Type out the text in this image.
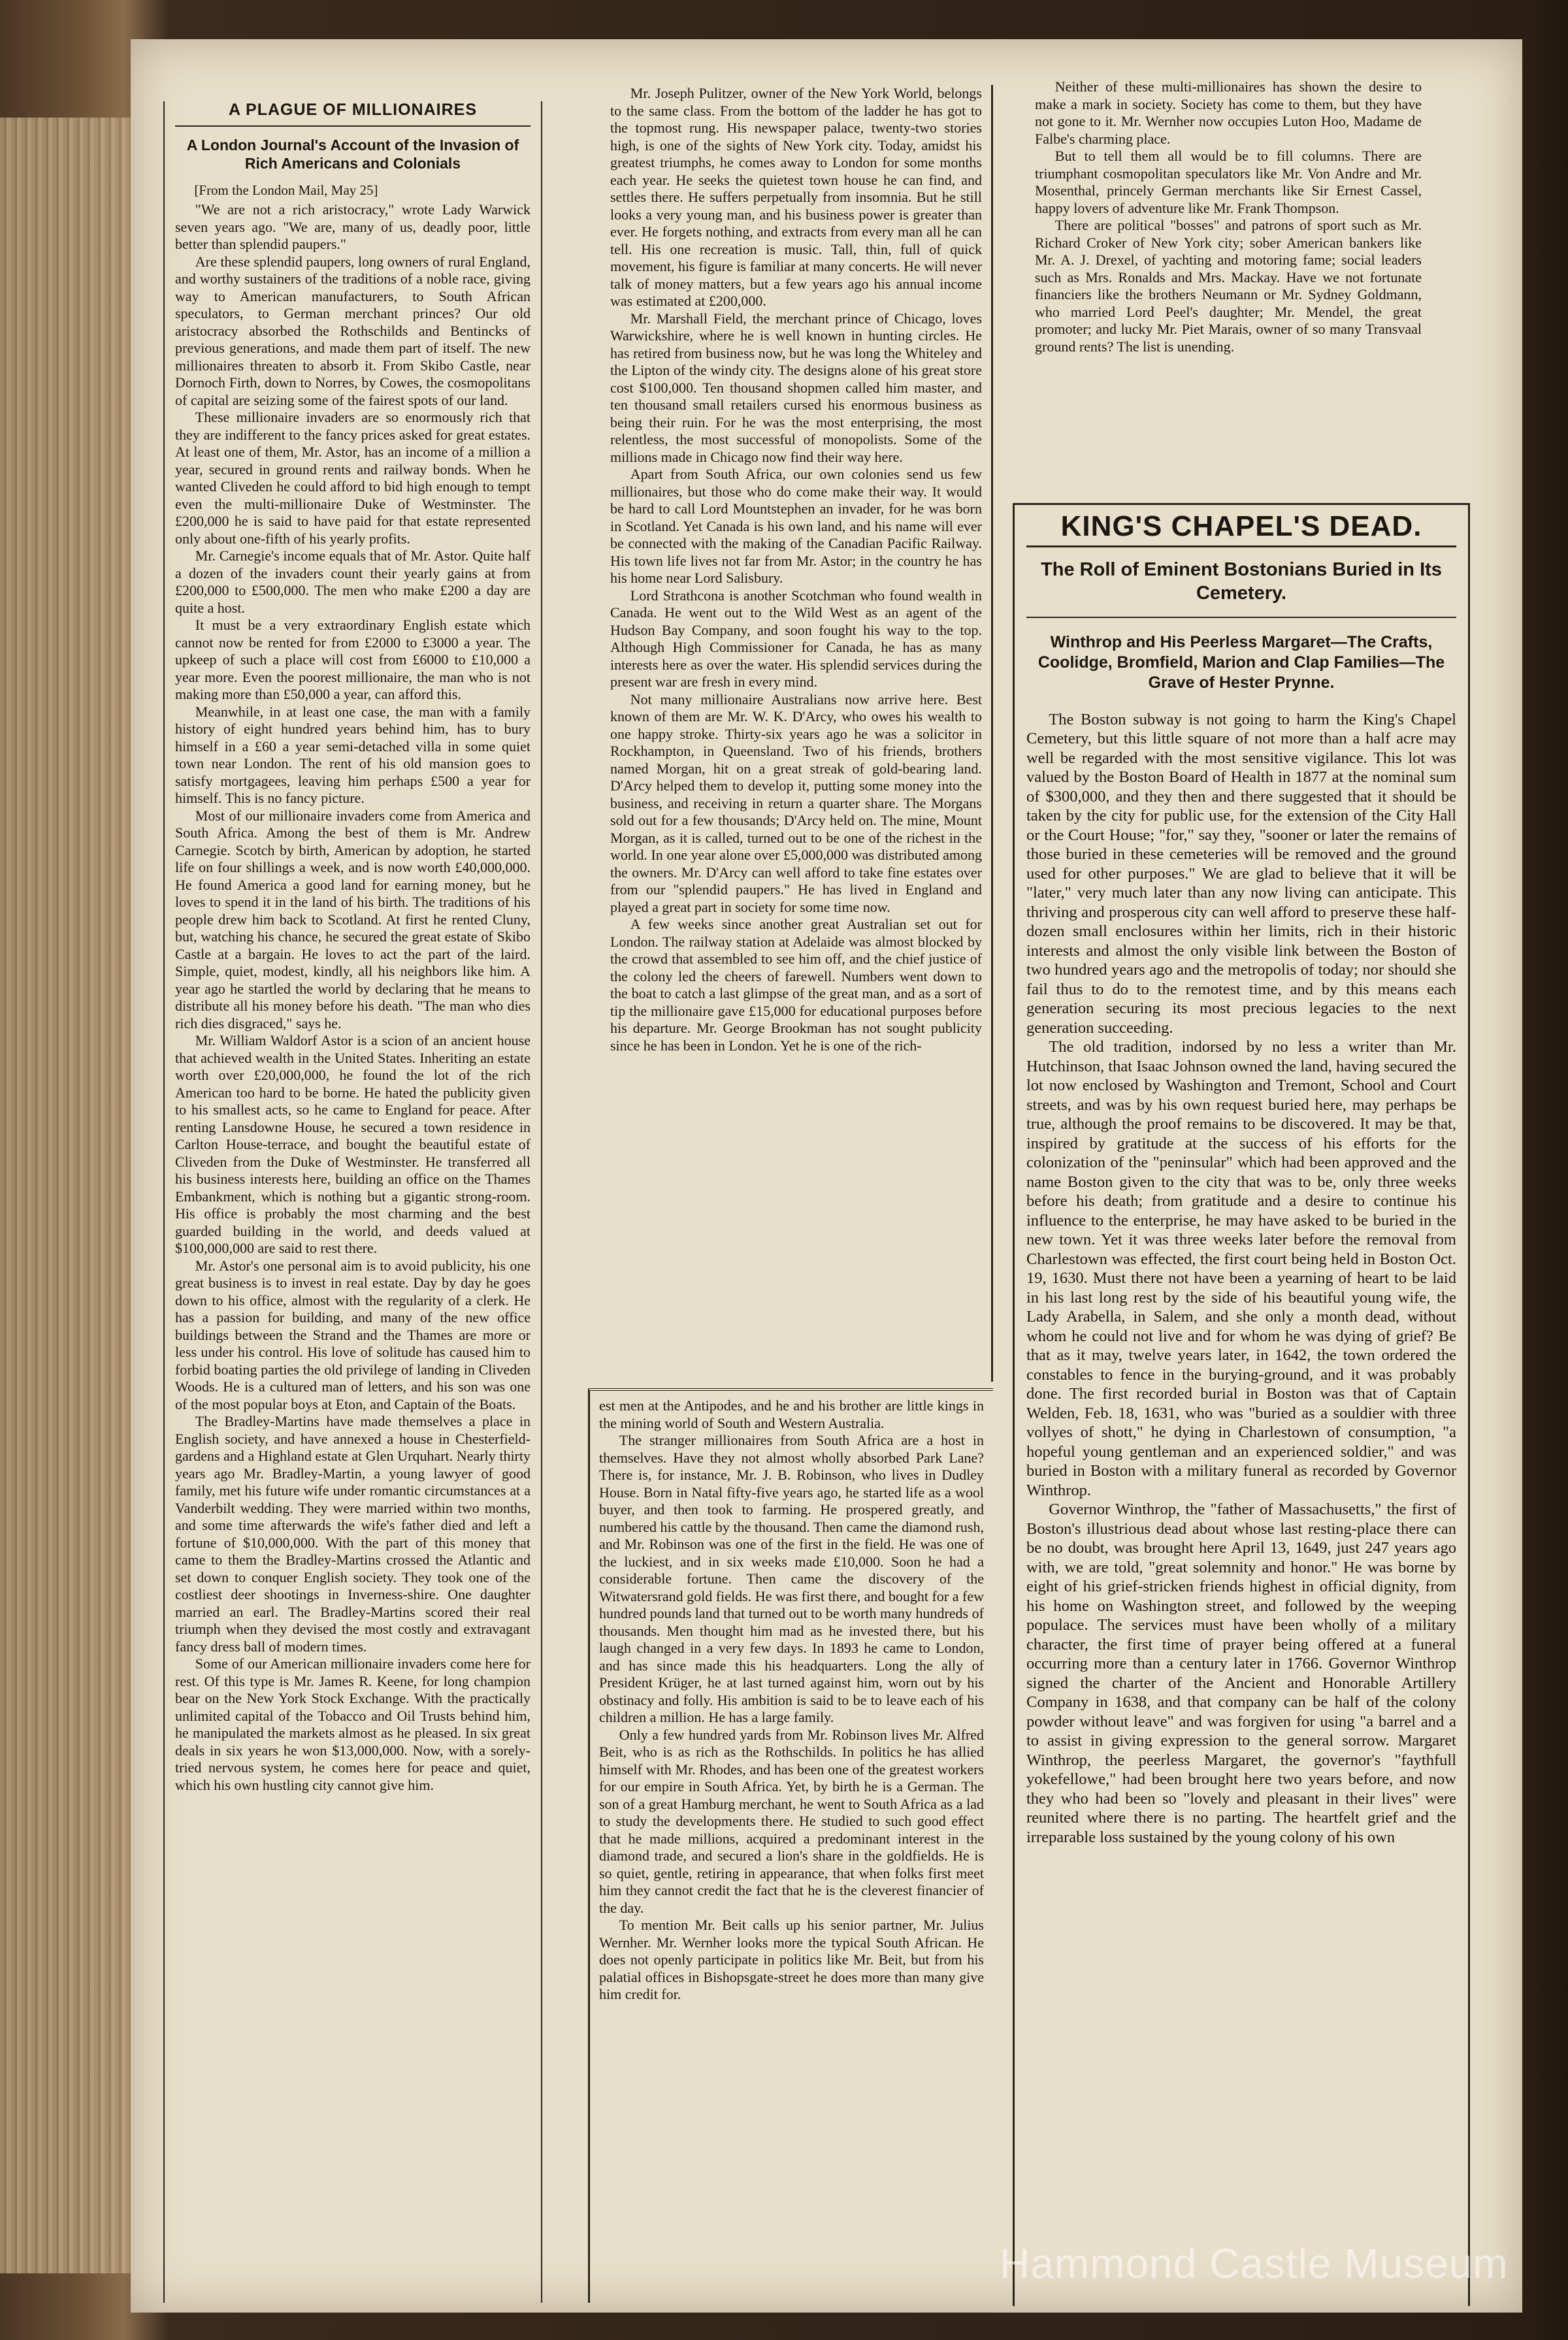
A PLAGUE OF MILLIONAIRES
A London Journal's Account of the Invasion of Rich Americans and Colonials
[From the London Mail, May 25]

"We are not a rich aristocracy," wrote Lady Warwick seven years ago. "We are, many of us, deadly poor, little better than splendid paupers."

Are these splendid paupers, long owners of rural England, and worthy sustainers of the traditions of a noble race, giving way to American manufacturers, to South African speculators, to German merchant princes? Our old aristocracy absorbed the Rothschilds and Bentincks of previous generations, and made them part of itself. The new millionaires threaten to absorb it. From Skibo Castle, near Dornoch Firth, down to Norres, by Cowes, the cosmopolitans of capital are seizing some of the fairest spots of our land.

These millionaire invaders are so enormously rich that they are indifferent to the fancy prices asked for great estates. At least one of them, Mr. Astor, has an income of a million a year, secured in ground rents and railway bonds. When he wanted Cliveden he could afford to bid high enough to tempt even the multi-millionaire Duke of Westminster. The £200,000 he is said to have paid for that estate represented only about one-fifth of his yearly profits.

Mr. Carnegie's income equals that of Mr. Astor. Quite half a dozen of the invaders count their yearly gains at from £200,000 to £500,000. The men who make £200 a day are quite a host.

It must be a very extraordinary English estate which cannot now be rented for from £2000 to £3000 a year. The upkeep of such a place will cost from £6000 to £10,000 a year more. Even the poorest millionaire, the man who is not making more than £50,000 a year, can afford this.

Meanwhile, in at least one case, the man with a family history of eight hundred years behind him, has to bury himself in a £60 a year semi-detached villa in some quiet town near London. The rent of his old mansion goes to satisfy mortgagees, leaving him perhaps £500 a year for himself. This is no fancy picture.

Most of our millionaire invaders come from America and South Africa. Among the best of them is Mr. Andrew Carnegie. Scotch by birth, American by adoption, he started life on four shillings a week, and is now worth £40,000,000. He found America a good land for earning money, but he loves to spend it in the land of his birth. The traditions of his people drew him back to Scotland. At first he rented Cluny, but, watching his chance, he secured the great estate of Skibo Castle at a bargain. He loves to act the part of the laird. Simple, quiet, modest, kindly, all his neighbors like him. A year ago he startled the world by declaring that he means to distribute all his money before his death. "The man who dies rich dies disgraced," says he.

Mr. William Waldorf Astor is a scion of an ancient house that achieved wealth in the United States. Inheriting an estate worth over £20,000,000, he found the lot of the rich American too hard to be borne. He hated the publicity given to his smallest acts, so he came to England for peace. After renting Lansdowne House, he secured a town residence in Carlton House-terrace, and bought the beautiful estate of Cliveden from the Duke of Westminster. He transferred all his business interests here, building an office on the Thames Embankment, which is nothing but a gigantic strong-room. His office is probably the most charming and the best guarded building in the world, and deeds valued at $100,000,000 are said to rest there.

Mr. Astor's one personal aim is to avoid publicity, his one great business is to invest in real estate. Day by day he goes down to his office, almost with the regularity of a clerk. He has a passion for building, and many of the new office buildings between the Strand and the Thames are more or less under his control. His love of solitude has caused him to forbid boating parties the old privilege of landing in Cliveden Woods. He is a cultured man of letters, and his son was one of the most popular boys at Eton, and Captain of the Boats.

The Bradley-Martins have made themselves a place in English society, and have annexed a house in Chesterfield-gardens and a Highland estate at Glen Urquhart. Nearly thirty years ago Mr. Bradley-Martin, a young lawyer of good family, met his future wife under romantic circumstances at a Vanderbilt wedding. They were married within two months, and some time afterwards the wife's father died and left a fortune of $10,000,000. With the part of this money that came to them the Bradley-Martins crossed the Atlantic and set down to conquer English society. They took one of the costliest deer shootings in Inverness-shire. One daughter married an earl. The Bradley-Martins scored their real triumph when they devised the most costly and extravagant fancy dress ball of modern times.

Some of our American millionaire invaders come here for rest. Of this type is Mr. James R. Keene, for long champion bear on the New York Stock Exchange. With the practically unlimited capital of the Tobacco and Oil Trusts behind him, he manipulated the markets almost as he pleased. In six great deals in six years he won $13,000,000. Now, with a sorely-tried nervous system, he comes here for peace and quiet, which his own hustling city cannot give him.

Mr. Joseph Pulitzer, owner of the New York World, belongs to the same class. From the bottom of the ladder he has got to the topmost rung. His newspaper palace, twenty-two stories high, is one of the sights of New York city. Today, amidst his greatest triumphs, he comes away to London for some months each year. He seeks the quietest town house he can find, and settles there. He suffers perpetually from insomnia. But he still looks a very young man, and his business power is greater than ever. He forgets nothing, and extracts from every man all he can tell. His one recreation is music. Tall, thin, full of quick movement, his figure is familiar at many concerts. He will never talk of money matters, but a few years ago his annual income was estimated at £200,000.

Mr. Marshall Field, the merchant prince of Chicago, loves Warwickshire, where he is well known in hunting circles. He has retired from business now, but he was long the Whiteley and the Lipton of the windy city. The designs alone of his great store cost $100,000. Ten thousand shopmen called him master, and ten thousand small retailers cursed his enormous business as being their ruin. For he was the most enterprising, the most relentless, the most successful of monopolists. Some of the millions made in Chicago now find their way here.

Apart from South Africa, our own colonies send us few millionaires, but those who do come make their way. It would be hard to call Lord Mountstephen an invader, for he was born in Scotland. Yet Canada is his own land, and his name will ever be connected with the making of the Canadian Pacific Railway. His town life lives not far from Mr. Astor; in the country he has his home near Lord Salisbury.

Lord Strathcona is another Scotchman who found wealth in Canada. He went out to the Wild West as an agent of the Hudson Bay Company, and soon fought his way to the top. Although High Commissioner for Canada, he has as many interests here as over the water. His splendid services during the present war are fresh in every mind.

Not many millionaire Australians now arrive here. Best known of them are Mr. W. K. D'Arcy, who owes his wealth to one happy stroke. Thirty-six years ago he was a solicitor in Rockhampton, in Queensland. Two of his friends, brothers named Morgan, hit on a great streak of gold-bearing land. D'Arcy helped them to develop it, putting some money into the business, and receiving in return a quarter share. The Morgans sold out for a few thousands; D'Arcy held on. The mine, Mount Morgan, as it is called, turned out to be one of the richest in the world. In one year alone over £5,000,000 was distributed among the owners. Mr. D'Arcy can well afford to take fine estates over from our "splendid paupers." He has lived in England and played a great part in society for some time now.

A few weeks since another great Australian set out for London. The railway station at Adelaide was almost blocked by the crowd that assembled to see him off, and the chief justice of the colony led the cheers of farewell. Numbers went down to the boat to catch a last glimpse of the great man, and as a sort of tip the millionaire gave £15,000 for educational purposes before his departure. Mr. George Brookman has not sought publicity since he has been in London. Yet he is one of the rich-

est men at the Antipodes, and he and his brother are little kings in the mining world of South and Western Australia.

The stranger millionaires from South Africa are a host in themselves. Have they not almost wholly absorbed Park Lane? There is, for instance, Mr. J. B. Robinson, who lives in Dudley House. Born in Natal fifty-five years ago, he started life as a wool buyer, and then took to farming. He prospered greatly, and numbered his cattle by the thousand. Then came the diamond rush, and Mr. Robinson was one of the first in the field. He was one of the luckiest, and in six weeks made £10,000. Soon he had a considerable fortune. Then came the discovery of the Witwatersrand gold fields. He was first there, and bought for a few hundred pounds land that turned out to be worth many hundreds of thousands. Men thought him mad as he invested there, but his laugh changed in a very few days. In 1893 he came to London, and has since made this his headquarters. Long the ally of President Krüger, he at last turned against him, worn out by his obstinacy and folly. His ambition is said to be to leave each of his children a million. He has a large family.

Only a few hundred yards from Mr. Robinson lives Mr. Alfred Beit, who is as rich as the Rothschilds. In politics he has allied himself with Mr. Rhodes, and has been one of the greatest workers for our empire in South Africa. Yet, by birth he is a German. The son of a great Hamburg merchant, he went to South Africa as a lad to study the developments there. He studied to such good effect that he made millions, acquired a predominant interest in the diamond trade, and secured a lion's share in the goldfields. He is so quiet, gentle, retiring in appearance, that when folks first meet him they cannot credit the fact that he is the cleverest financier of the day.

To mention Mr. Beit calls up his senior partner, Mr. Julius Wernher. Mr. Wernher looks more the typical South African. He does not openly participate in politics like Mr. Beit, but from his palatial offices in Bishopsgate-street he does more than many give him credit for.

Neither of these multi-millionaires has shown the desire to make a mark in society. Society has come to them, but they have not gone to it. Mr. Wernher now occupies Luton Hoo, Madame de Falbe's charming place.

But to tell them all would be to fill columns. There are triumphant cosmopolitan speculators like Mr. Von Andre and Mr. Mosenthal, princely German merchants like Sir Ernest Cassel, happy lovers of adventure like Mr. Frank Thompson.

There are political "bosses" and patrons of sport such as Mr. Richard Croker of New York city; sober American bankers like Mr. A. J. Drexel, of yachting and motoring fame; social leaders such as Mrs. Ronalds and Mrs. Mackay. Have we not fortunate financiers like the brothers Neumann or Mr. Sydney Goldmann, who married Lord Peel's daughter; Mr. Mendel, the great promoter; and lucky Mr. Piet Marais, owner of so many Transvaal ground rents? The list is unending.

KING'S CHAPEL'S DEAD.
The Roll of Eminent Bostonians Buried in Its Cemetery.
Winthrop and His Peerless Margaret—The Crafts, Coolidge, Bromfield, Marion and Clap Families—The Grave of Hester Prynne.

The Boston subway is not going to harm the King's Chapel Cemetery, but this little square of not more than a half acre may well be regarded with the most sensitive vigilance. This lot was valued by the Boston Board of Health in 1877 at the nominal sum of $300,000, and they then and there suggested that it should be taken by the city for public use, for the extension of the City Hall or the Court House; "for," say they, "sooner or later the remains of those buried in these cemeteries will be removed and the ground used for other purposes." We are glad to believe that it will be "later," very much later than any now living can anticipate. This thriving and prosperous city can well afford to preserve these half-dozen small enclosures within her limits, rich in their historic interests and almost the only visible link between the Boston of two hundred years ago and the metropolis of today; nor should she fail thus to do to the remotest time, and by this means each generation securing its most precious legacies to the next generation succeeding.

The old tradition, indorsed by no less a writer than Mr. Hutchinson, that Isaac Johnson owned the land, having secured the lot now enclosed by Washington and Tremont, School and Court streets, and was by his own request buried here, may perhaps be true, although the proof remains to be discovered. It may be that, inspired by gratitude at the success of his efforts for the colonization of the "peninsular" which had been approved and the name Boston given to the city that was to be, only three weeks before his death; from gratitude and a desire to continue his influence to the enterprise, he may have asked to be buried in the new town. Yet it was three weeks later before the removal from Charlestown was effected, the first court being held in Boston Oct. 19, 1630. Must there not have been a yearning of heart to be laid in his last long rest by the side of his beautiful young wife, the Lady Arabella, in Salem, and she only a month dead, without whom he could not live and for whom he was dying of grief? Be that as it may, twelve years later, in 1642, the town ordered the constables to fence in the burying-ground, and it was probably done. The first recorded burial in Boston was that of Captain Welden, Feb. 18, 1631, who was "buried as a souldier with three vollyes of shott," he dying in Charlestown of consumption, "a hopeful young gentleman and an experienced soldier," and was buried in Boston with a military funeral as recorded by Governor Winthrop.

Governor Winthrop, the "father of Massachusetts," the first of Boston's illustrious dead about whose last resting-place there can be no doubt, was brought here April 13, 1649, just 247 years ago with, we are told, "great solemnity and honor." He was borne by eight of his grief-stricken friends highest in official dignity, from his home on Washington street, and followed by the weeping populace. The services must have been wholly of a military character, the first time of prayer being offered at a funeral occurring more than a century later in 1766. Governor Winthrop signed the charter of the Ancient and Honorable Artillery Company in 1638, and that company can be half of the colony powder without leave" and was forgiven for using "a barrel and a to assist in giving expression to the general sorrow. Margaret Winthrop, the peerless Margaret, the governor's "faythfull yokefellowe," had been brought here two years before, and now they who had been so "lovely and pleasant in their lives" were reunited where there is no parting. The heartfelt grief and the irreparable loss sustained by the young colony of his own

Hammond Castle Museum
